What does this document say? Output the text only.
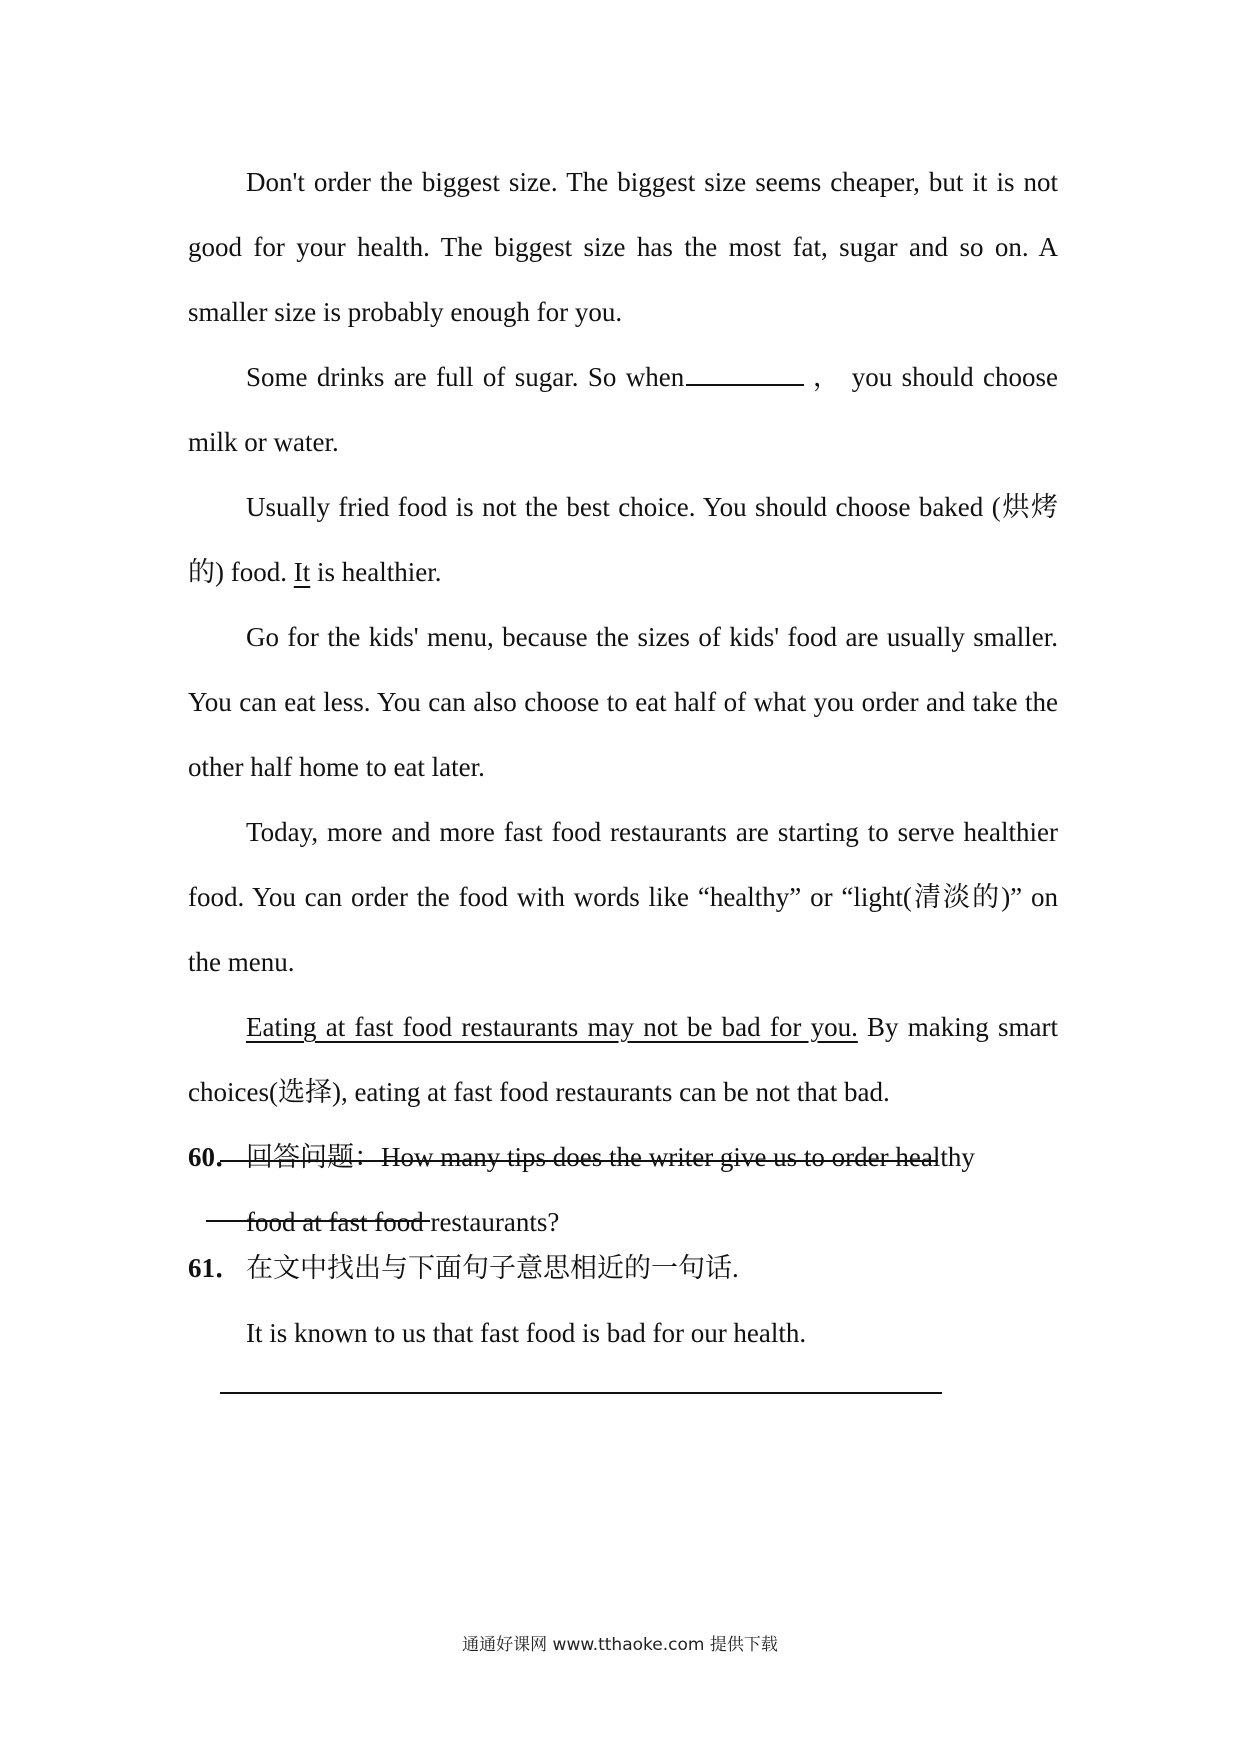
Don't order the biggest size. The biggest size seems cheaper, but it is not good for your health. The biggest size has the most fat, sugar and so on. A smaller size is probably enough for you.

Some drinks are full of sugar. So when	， you should choose milk or water.

Usually fried food is not the best choice. You should choose baked (烘烤的) food. It is healthier.

Go for the kids' menu, because the sizes of kids' food are usually smaller. You can eat less. You can also choose to eat half of what you order and take the other half home to eat later.

Today, more and more fast food restaurants are starting to serve healthier food. You can order the food with words like “healthy” or “light(清淡的)” on the menu.

Eating at fast food restaurants may not be bad for you. By making smart choices(选择), eating at fast food restaurants can be not that bad.

60． 回答问题：How many tips does the writer give us to order healthy

food at fast food restaurants?

61． 在文中找出与下面句子意思相近的一句话.

It is known to us that fast food is bad for our health.

通通好课网 www.tthaoke.com 提供下载
